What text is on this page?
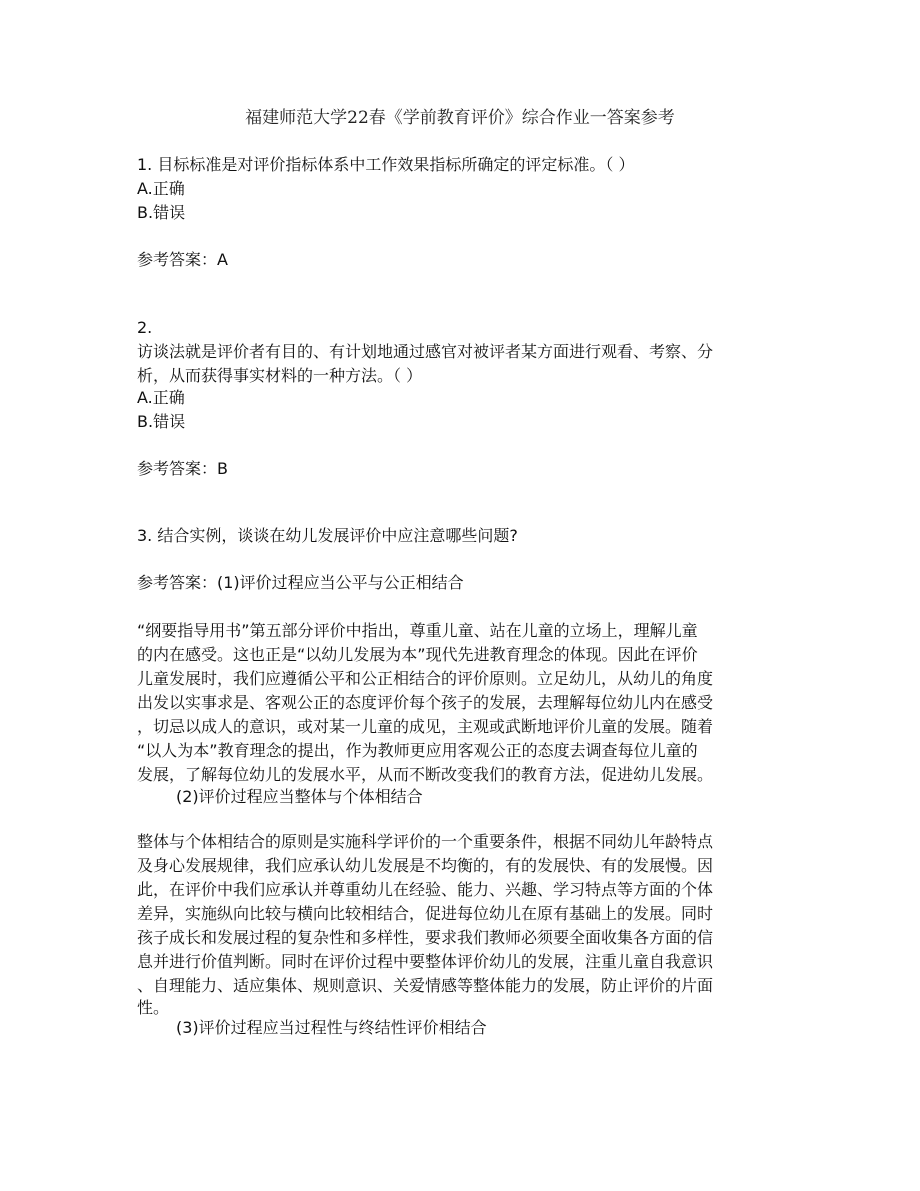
福建师范大学22春《学前教育评价》综合作业一答案参考
1. 目标标准是对评价指标体系中工作效果指标所确定的评定标准。（ ）
A.正确
B.错误
参考答案：A
2.
访谈法就是评价者有目的、有计划地通过感官对被评者某方面进行观看、考察、分
析，从而获得事实材料的一种方法。（ ）
A.正确
B.错误
参考答案：B
3. 结合实例，谈谈在幼儿发展评价中应注意哪些问题?
参考答案：(1)评价过程应当公平与公正相结合
“纲要指导用书”第五部分评价中指出，尊重儿童、站在儿童的立场上，理解儿童
的内在感受。这也正是“以幼儿发展为本”现代先进教育理念的体现。因此在评价
儿童发展时，我们应遵循公平和公正相结合的评价原则。立足幼儿，从幼儿的角度
出发以实事求是、客观公正的态度评价每个孩子的发展，去理解每位幼儿内在感受
，切忌以成人的意识，或对某一儿童的成见，主观或武断地评价儿童的发展。随着
“以人为本”教育理念的提出，作为教师更应用客观公正的态度去调查每位儿童的
发展，了解每位幼儿的发展水平，从而不断改变我们的教育方法，促进幼儿发展。
(2)评价过程应当整体与个体相结合
整体与个体相结合的原则是实施科学评价的一个重要条件，根据不同幼儿年龄特点
及身心发展规律，我们应承认幼儿发展是不均衡的，有的发展快、有的发展慢。因
此，在评价中我们应承认并尊重幼儿在经验、能力、兴趣、学习特点等方面的个体
差异，实施纵向比较与横向比较相结合，促进每位幼儿在原有基础上的发展。同时
孩子成长和发展过程的复杂性和多样性，要求我们教师必须要全面收集各方面的信
息并进行价值判断。同时在评价过程中要整体评价幼儿的发展，注重儿童自我意识
、自理能力、适应集体、规则意识、关爱情感等整体能力的发展，防止评价的片面
性。
(3)评价过程应当过程性与终结性评价相结合
